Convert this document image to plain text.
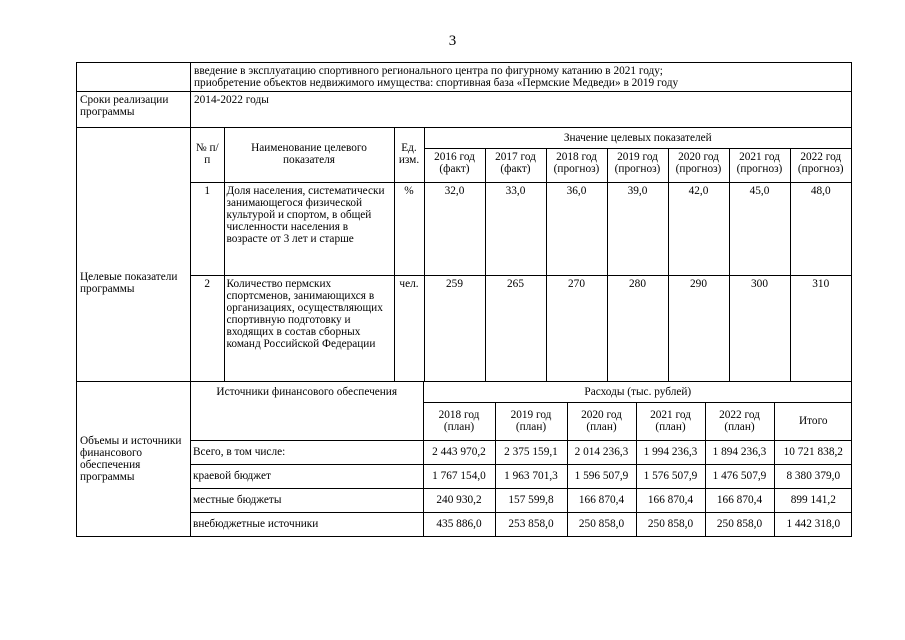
3

введение в эксплуатацию спортивного регионального центра по фигурному катанию в 2021 году;
приобретение объектов недвижимого имущества: спортивная база «Пермские Медведи» в 2019 году

Сроки реализации программы	2014-2022 годы
Целевые показатели программы	
№ п/п	Наименование целевого показателя	Ед. изм.	Значение целевых показателей
2016 год (факт)	2017 год (факт)	2018 год (прогноз)	2019 год (прогноз)	2020 год (прогноз)	2021 год (прогноз)	2022 год (прогноз)
1	Доля населения, систематически занимающегося физической культурой и спортом, в общей численности населения в возрасте от 3 лет и старше	%	32,0	33,0	36,0	39,0	42,0	45,0	48,0
2	Количество пермских спортсменов, занимающихся в организациях, осуществляющих спортивную подготовку и входящих в состав сборных команд Российской Федерации	чел.	259	265	270	280	290	300	310

Объемы и источники финансового обеспечения программы	
Источники финансового обеспечения	Расходы (тыс. рублей)
2018 год (план)	2019 год (план)	2020 год (план)	2021 год (план)	2022 год (план)	Итого
Всего, в том числе:	2 443 970,2	2 375 159,1	2 014 236,3	1 994 236,3	1 894 236,3	10 721 838,2
краевой бюджет	1 767 154,0	1 963 701,3	1 596 507,9	1 576 507,9	1 476 507,9	8 380 379,0
местные бюджеты	240 930,2	157 599,8	166 870,4	166 870,4	166 870,4	899 141,2
внебюджетные источники	435 886,0	253 858,0	250 858,0	250 858,0	250 858,0	1 442 318,0
